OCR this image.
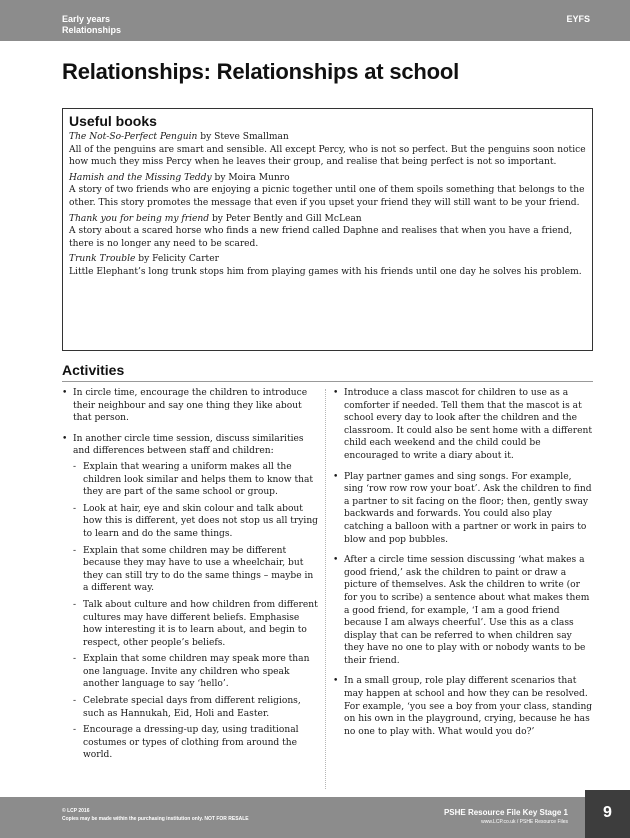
Early years
Relationships
EYFS
Relationships: Relationships at school
Useful books
The Not-So-Perfect Penguin by Steve Smallman
All of the penguins are smart and sensible. All except Percy, who is not so perfect. But the penguins soon notice how much they miss Percy when he leaves their group, and realise that being perfect is not so important.
Hamish and the Missing Teddy by Moira Munro
A story of two friends who are enjoying a picnic together until one of them spoils something that belongs to the other. This story promotes the message that even if you upset your friend they will still want to be your friend.
Thank you for being my friend by Peter Bently and Gill McLean
A story about a scared horse who finds a new friend called Daphne and realises that when you have a friend, there is no longer any need to be scared.
Trunk Trouble by Felicity Carter
Little Elephant’s long trunk stops him from playing games with his friends until one day he solves his problem.
Activities
• In circle time, encourage the children to introduce their neighbour and say one thing they like about that person.
• In another circle time session, discuss similarities and differences between staff and children:
- Explain that wearing a uniform makes all the children look similar and helps them to know that they are part of the same school or group.
- Look at hair, eye and skin colour and talk about how this is different, yet does not stop us all trying to learn and do the same things.
- Explain that some children may be different because they may have to use a wheelchair, but they can still try to do the same things – maybe in a different way.
- Talk about culture and how children from different cultures may have different beliefs. Emphasise how interesting it is to learn about, and begin to respect, other people’s beliefs.
- Explain that some children may speak more than one language. Invite any children who speak another language to say ‘hello’.
- Celebrate special days from different religions, such as Hannukah, Eid, Holi and Easter.
- Encourage a dressing-up day, using traditional costumes or types of clothing from around the world.
• Introduce a class mascot for children to use as a comforter if needed. Tell them that the mascot is at school every day to look after the children and the classroom. It could also be sent home with a different child each weekend and the child could be encouraged to write a diary about it.
• Play partner games and sing songs. For example, sing ‘row row row your boat’. Ask the children to find a partner to sit facing on the floor; then, gently sway backwards and forwards. You could also play catching a balloon with a partner or work in pairs to blow and pop bubbles.
• After a circle time session discussing ‘what makes a good friend,’ ask the children to paint or draw a picture of themselves. Ask the children to write (or for you to scribe) a sentence about what makes them a good friend, for example, ‘I am a good friend because I am always cheerful’. Use this as a class display that can be referred to when children say they have no one to play with or nobody wants to be their friend.
• In a small group, role play different scenarios that may happen at school and how they can be resolved. For example, ‘you see a boy from your class, standing on his own in the playground, crying, because he has no one to play with. What would you do?’
© LCP 2016
Copies may be made within the purchasing institution only. NOT FOR RESALE
PSHE Resource File Key Stage 1
www.LCP.co.uk / PSHE Resource Files
9
